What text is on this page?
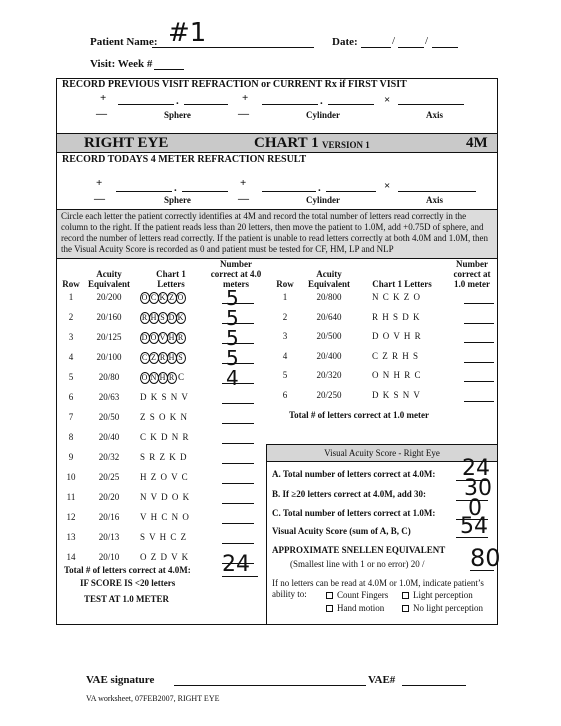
Patient Name: #1	Date:	/	/
Visit: Week #
RECORD PREVIOUS VISIT REFRACTION or CURRENT Rx if FIRST VISIT
+
—
.	+
—
.	×
Sphere	Cylinder	Axis
RIGHT EYE	CHART 1 VERSION 1	4M
RECORD TODAYS 4 METER REFRACTION RESULT
+
—
.	+
—
.	×
Sphere	Cylinder	Axis
Circle each letter the patient correctly identifies at 4M and record the total number of letters read correctly in the column to the right. If the patient reads less than 20 letters, then move the patient to 1.0M, add +0.75D of sphere, and record the number of letters read correctly. If the patient is unable to read letters correctly at both 4.0M and 1.0M, then the Visual Acuity Score is recorded as 0 and patient must be tested for CF, HM, LP and NLP
Row
Acuity Equivalent
Chart 1 Letters
Number correct at 4.0 meters	Row
Acuity Equivalent	Chart 1 Letters
Number correct at 1.0 meter
1	20/200	O C K Z O	5
2	20/160	R H S D K	5
3	20/125	D O V H R	5
4	20/100	C Z R H S	5
5	20/80	O N H R C	4
6	20/63	D K S N V
7	20/50	Z S O K N
8	20/40	C K D N R
9	20/32	S R Z K D
10	20/25	H Z O V C
11	20/20	N V D O K
12	20/16	V H C N O
13	20/13	S V H C Z
14	20/10	O Z D V K
1	20/800	N C K Z O
2	20/640	R H S D K
3	20/500	D O V H R
4	20/400	C Z R H S
5	20/320	O N H R C
6	20/250	D K S N V
Total # of letters correct at 1.0 meter
Total # of letters correct at 4.0M: 24
IF SCORE IS <20 letters
TEST AT 1.0 METER
Visual Acuity Score - Right Eye
A. Total number of letters correct at 4.0M: 24
B. If ≥20 letters correct at 4.0M, add 30: 30
C. Total number of letters correct at 1.0M: 0
Visual Acuity Score (sum of A, B, C) 54
APPROXIMATE SNELLEN EQUIVALENT
(Smallest line with 1 or no error) 20 / 80
If no letters can be read at 4.0M or 1.0M, indicate patient’s ability to:	Count Fingers	Light perception
Hand motion	No light perception
VAE signature	VAE#
VA worksheet, 07FEB2007, RIGHT EYE
